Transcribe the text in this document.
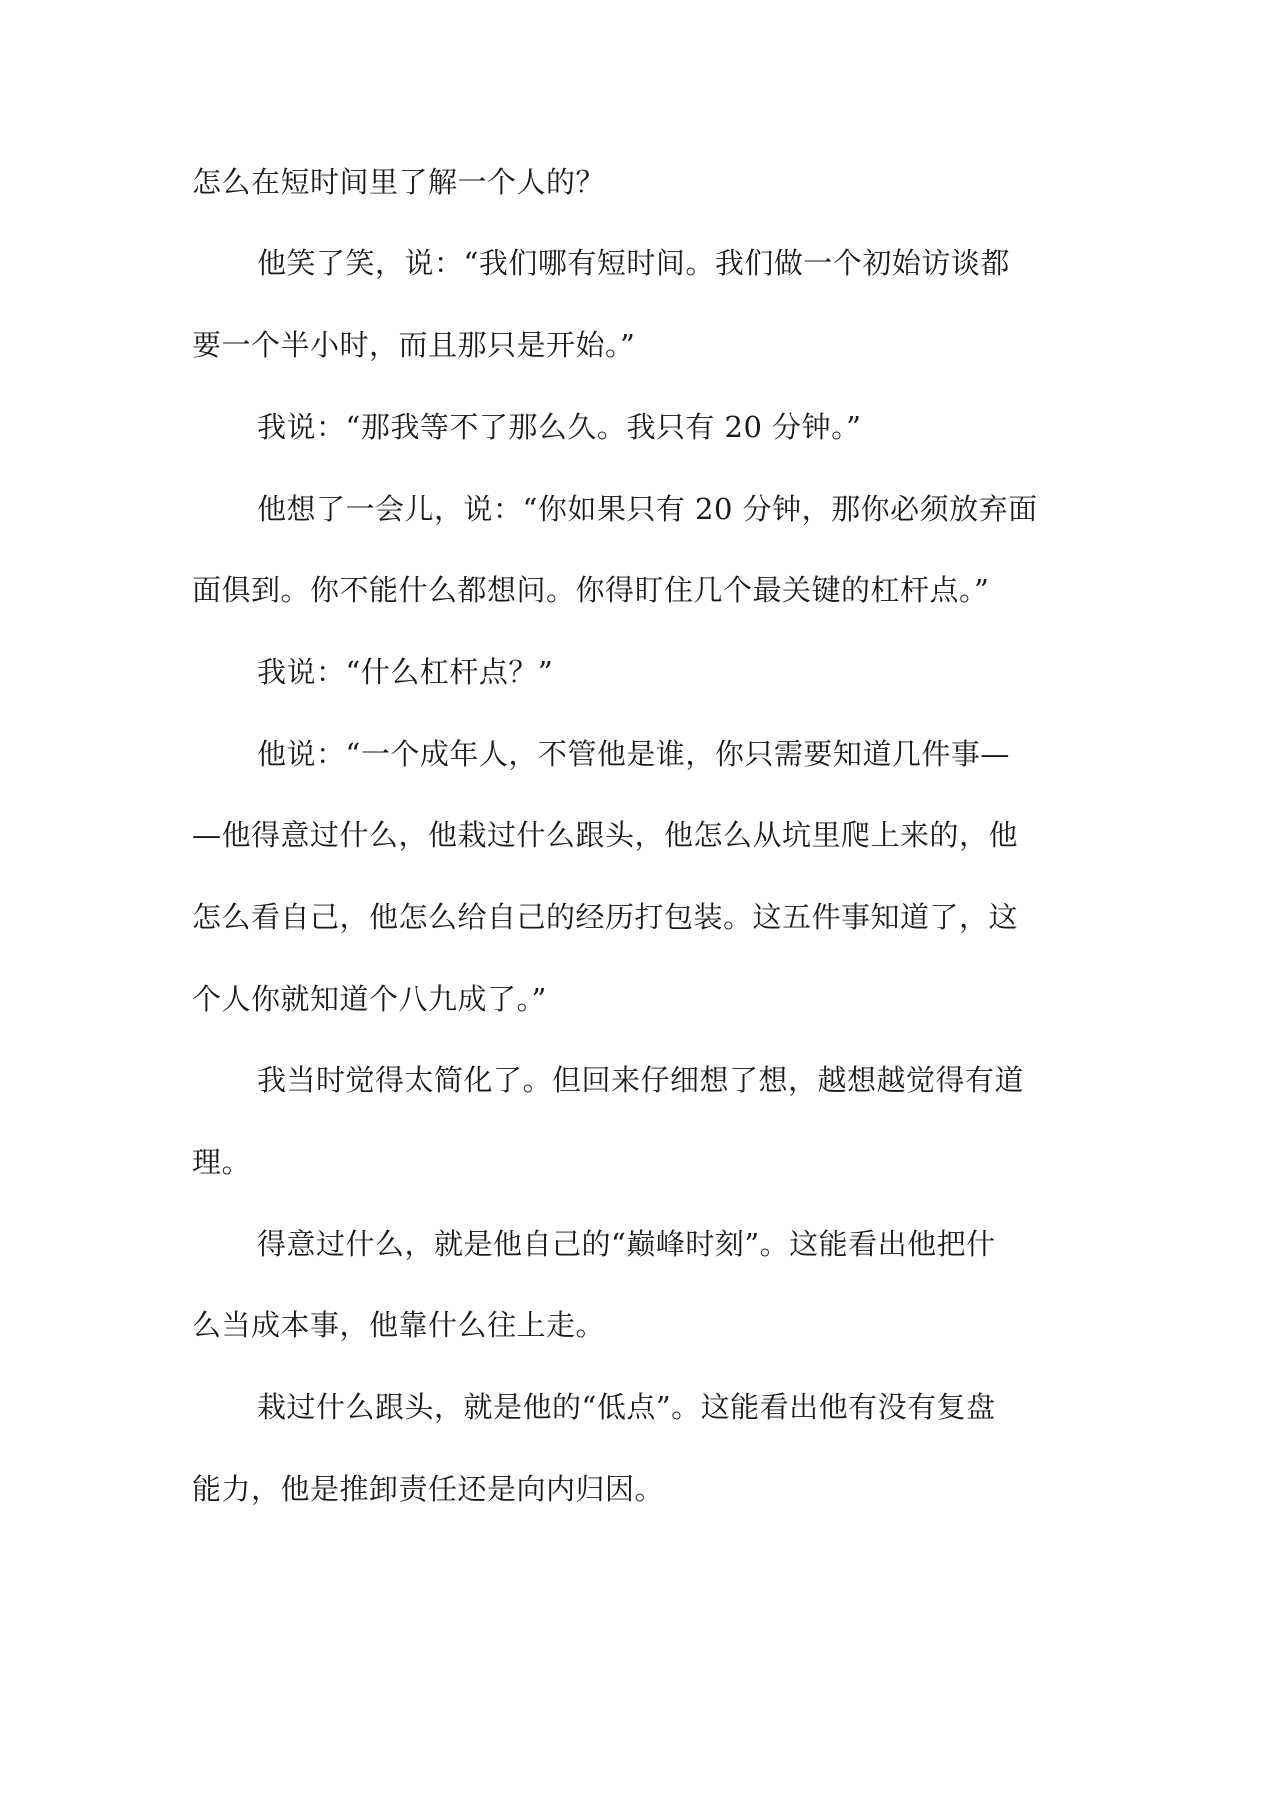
怎么在短时间里了解一个人的？
他笑了笑，说：“我们哪有短时间。我们做一个初始访谈都
要一个半小时，而且那只是开始。”
我说：“那我等不了那么久。我只有 20 分钟。”
他想了一会儿，说：“你如果只有 20 分钟，那你必须放弃面
面俱到。你不能什么都想问。你得盯住几个最关键的杠杆点。”
我说：“什么杠杆点？”
他说：“一个成年人，不管他是谁，你只需要知道几件事—
—他得意过什么，他栽过什么跟头，他怎么从坑里爬上来的，他
怎么看自己，他怎么给自己的经历打包装。这五件事知道了，这
个人你就知道个八九成了。”
我当时觉得太简化了。但回来仔细想了想，越想越觉得有道
理。
得意过什么，就是他自己的“巅峰时刻”。这能看出他把什
么当成本事，他靠什么往上走。
栽过什么跟头，就是他的“低点”。这能看出他有没有复盘
能力，他是推卸责任还是向内归因。
